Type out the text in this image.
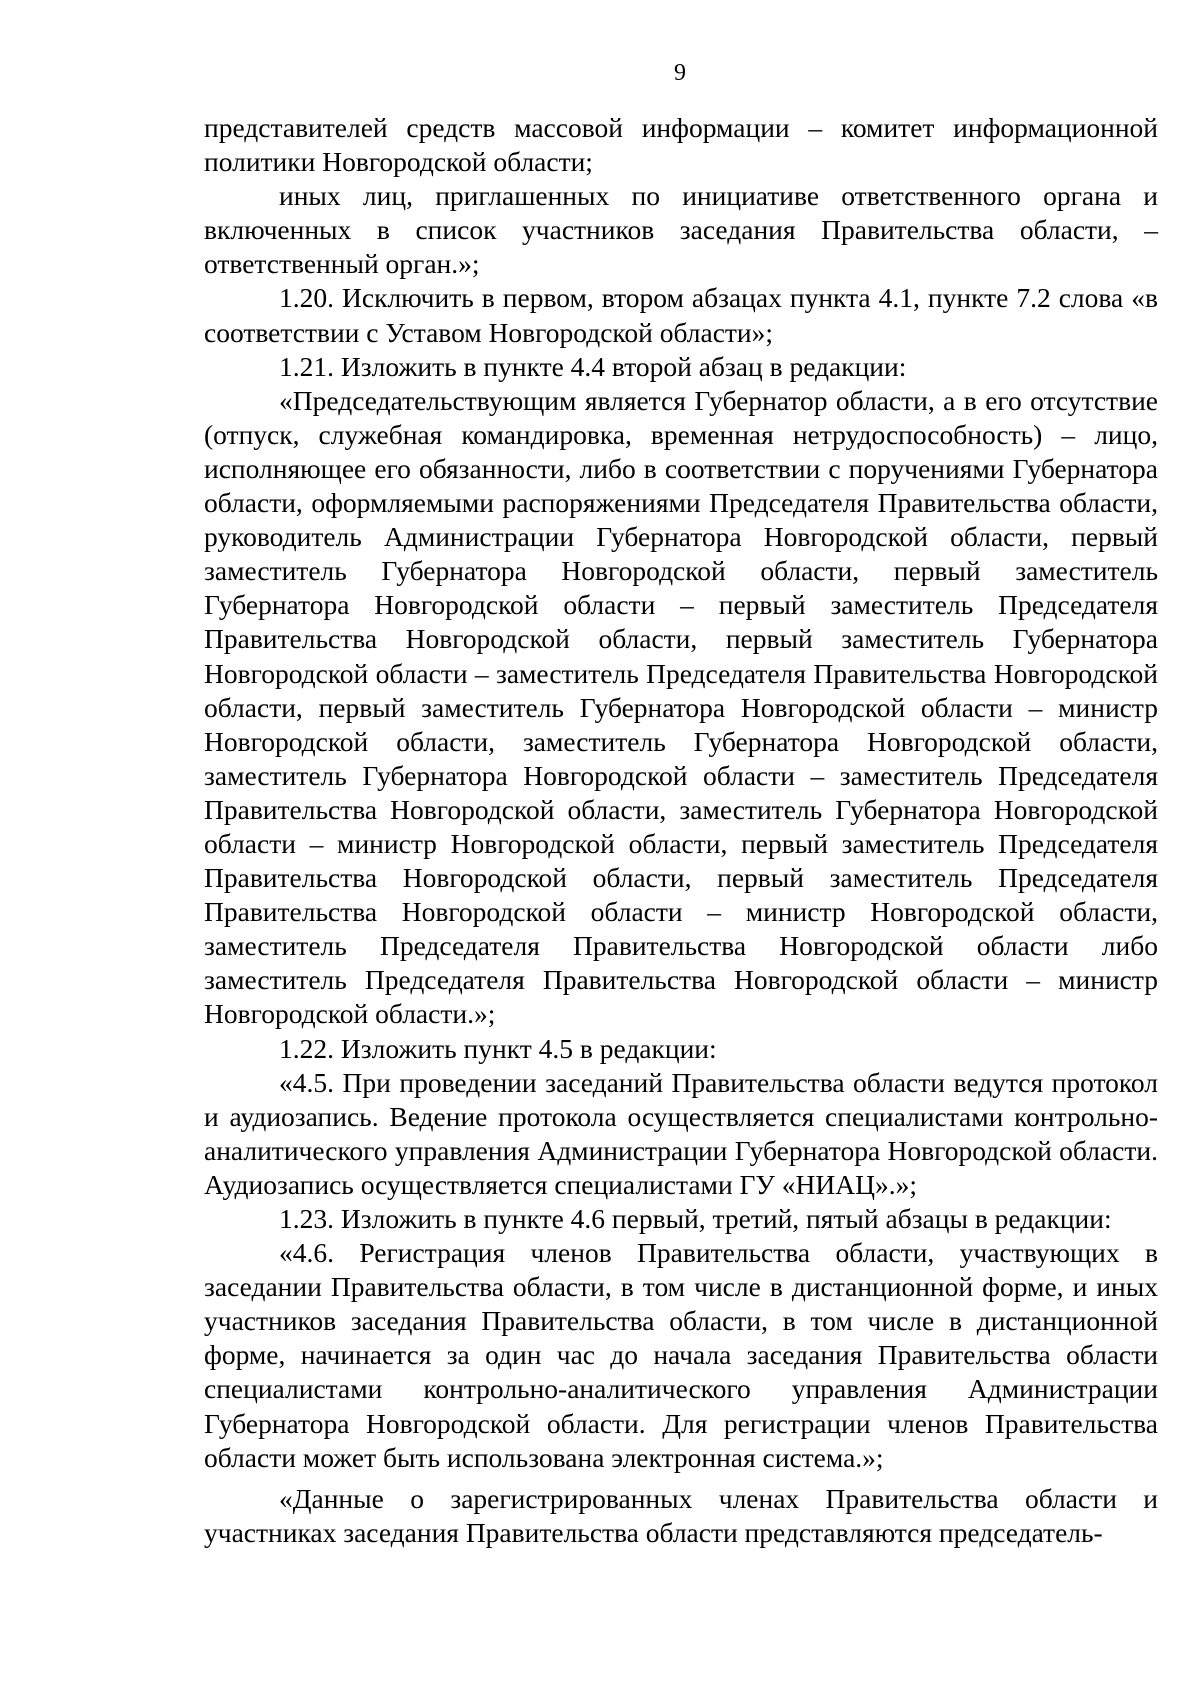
9

представителей средств массовой информации – комитет информационной политики Новгородской области;

иных лиц, приглашенных по инициативе ответственного органа и включенных в список участников заседания Правительства области, – ответственный орган.»;

1.20. Исключить в первом, втором абзацах пункта 4.1, пункте 7.2 слова «в соответствии с Уставом Новгородской области»;

1.21. Изложить в пункте 4.4 второй абзац в редакции:

«Председательствующим является Губернатор области, а в его отсутствие (отпуск, служебная командировка, временная нетрудоспособность) – лицо, исполняющее его обязанности, либо в соответствии с поручениями Губернатора области, оформляемыми распоряжениями Председателя Правительства области, руководитель Администрации Губернатора Новгородской области, первый заместитель Губернатора Новгородской области, первый заместитель Губернатора Новгородской области – первый заместитель Председателя Правительства Новгородской области, первый заместитель Губернатора Новгородской области – заместитель Председателя Правительства Новгородской области, первый заместитель Губернатора Новгородской области – министр Новгородской области, заместитель Губернатора Новгородской области, заместитель Губернатора Новгородской области – заместитель Председателя Правительства Новгородской области, заместитель Губернатора Новгородской области – министр Новгородской области, первый заместитель Председателя Правительства Новгородской области, первый заместитель Председателя Правительства Новгородской области – министр Новгородской области, заместитель Председателя Правительства Новгородской области либо заместитель Председателя Правительства Новгородской области – министр Новгородской области.»;

1.22. Изложить пункт 4.5 в редакции:

«4.5. При проведении заседаний Правительства области ведутся протокол и аудиозапись. Ведение протокола осуществляется специалистами контрольно-аналитического управления Администрации Губернатора Новгородской области. Аудиозапись осуществляется специалистами ГУ «НИАЦ».»;

1.23. Изложить в пункте 4.6 первый, третий, пятый абзацы в редакции:

«4.6. Регистрация членов Правительства области, участвующих в заседании Правительства области, в том числе в дистанционной форме, и иных участников заседания Правительства области, в том числе в дистанционной форме, начинается за один час до начала заседания Правительства области специалистами контрольно-аналитического управления Администрации Губернатора Новгородской области. Для регистрации членов Правительства области может быть использована электронная система.»;

«Данные о зарегистрированных членах Правительства области и участниках заседания Правительства области представляются председатель-
